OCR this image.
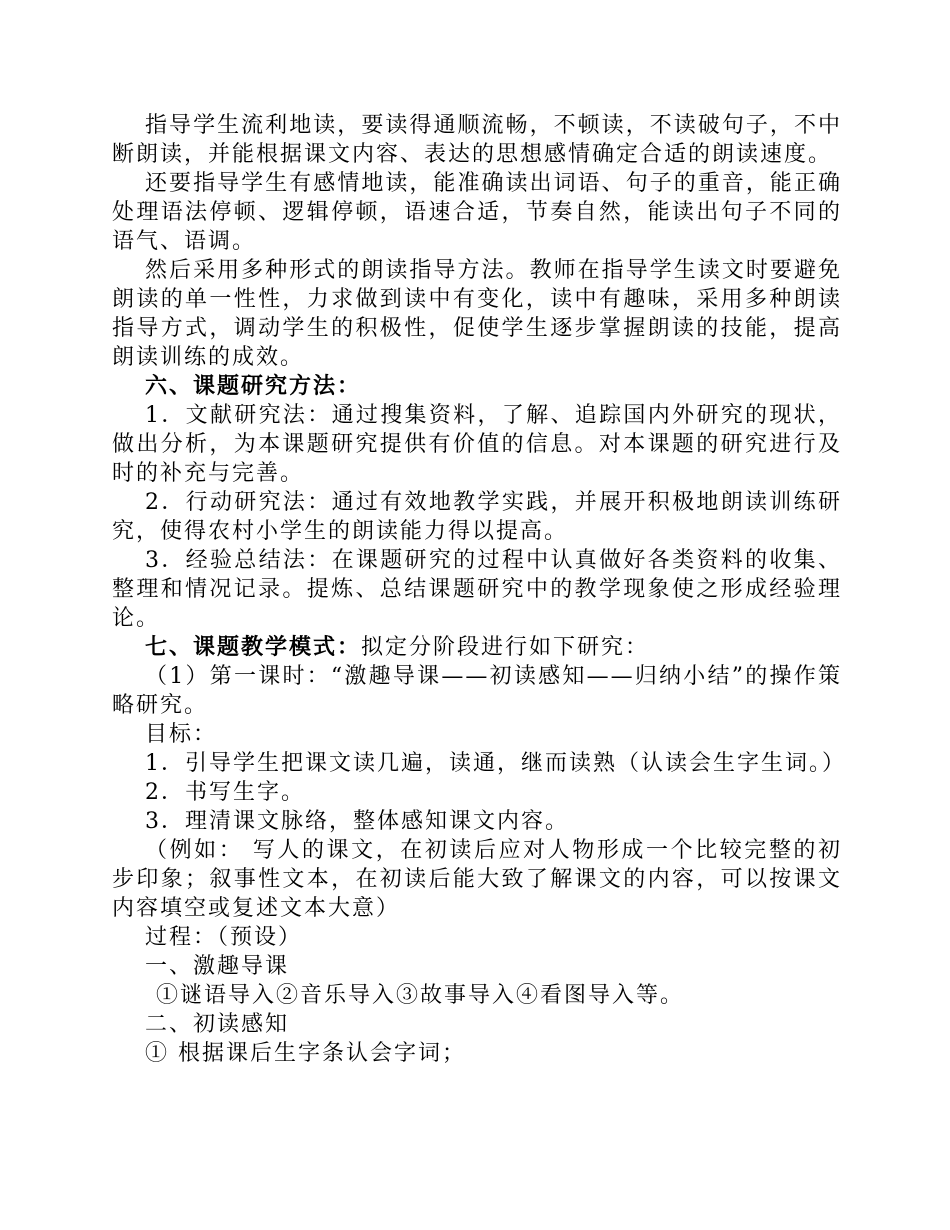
指导学生流利地读，要读得通顺流畅，不顿读，不读破句子，不中断朗读，并能根据课文内容、表达的思想感情确定合适的朗读速度。

还要指导学生有感情地读，能准确读出词语、句子的重音，能正确处理语法停顿、逻辑停顿，语速合适，节奏自然，能读出句子不同的语气、语调。

然后采用多种形式的朗读指导方法。教师在指导学生读文时要避免朗读的单一性性，力求做到读中有变化，读中有趣味，采用多种朗读指导方式，调动学生的积极性，促使学生逐步掌握朗读的技能，提高朗读训练的成效。

六、课题研究方法：

1．文献研究法：通过搜集资料，了解、追踪国内外研究的现状，做出分析，为本课题研究提供有价值的信息。对本课题的研究进行及时的补充与完善。

2．行动研究法：通过有效地教学实践，并展开积极地朗读训练研究，使得农村小学生的朗读能力得以提高。

3．经验总结法：在课题研究的过程中认真做好各类资料的收集、整理和情况记录。提炼、总结课题研究中的教学现象使之形成经验理论。

七、课题教学模式：拟定分阶段进行如下研究：

（1）第一课时：“激趣导课——初读感知——归纳小结”的操作策略研究。

目标：

1．引导学生把课文读几遍，读通，继而读熟（认读会生字生词。）

2．书写生字。

3．理清课文脉络，整体感知课文内容。

（例如： 写人的课文，在初读后应对人物形成一个比较完整的初步印象；叙事性文本，在初读后能大致了解课文的内容，可以按课文内容填空或复述文本大意）

过程：（预设）

一、激趣导课

①谜语导入②音乐导入③故事导入④看图导入等。

二、初读感知

① 根据课后生字条认会字词；
